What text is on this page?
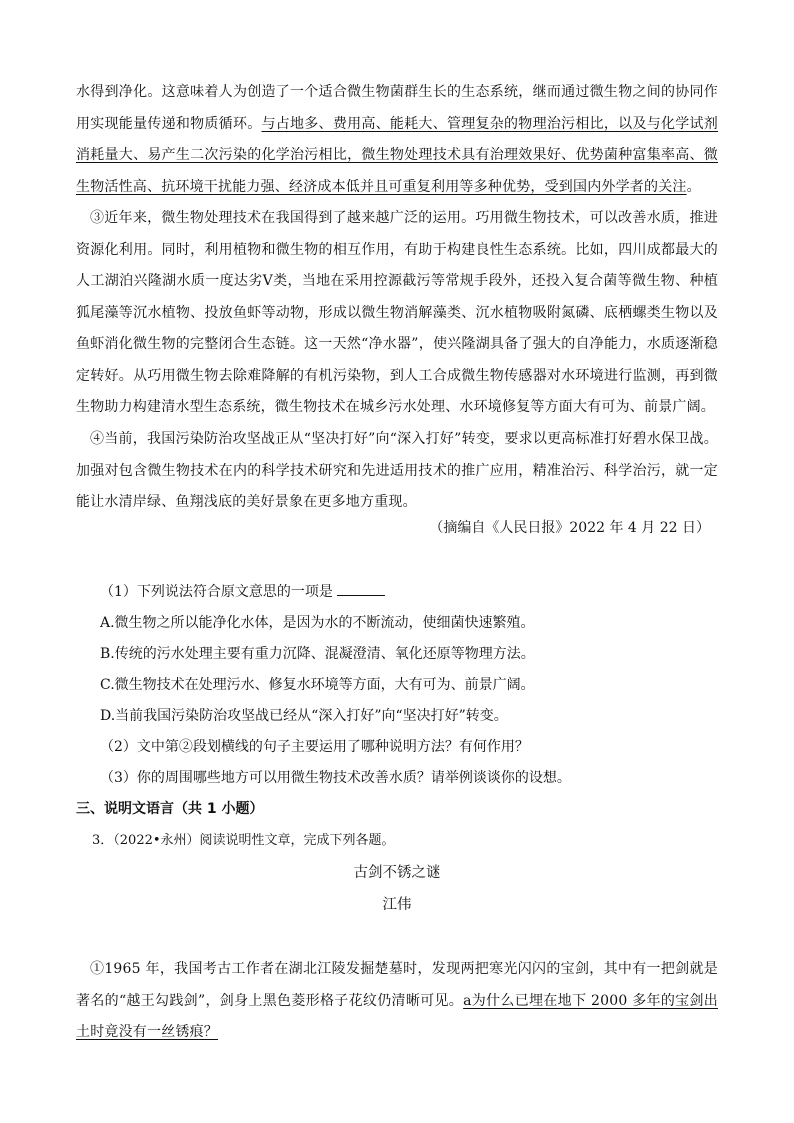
水得到净化。这意味着人为创造了一个适合微生物菌群生长的生态系统，继而通过微生物之间的协同作用实现能量传递和物质循环。与占地多、费用高、能耗大、管理复杂的物理治污相比，以及与化学试剂消耗量大、易产生二次污染的化学治污相比，微生物处理技术具有治理效果好、优势菌种富集率高、微生物活性高、抗环境干扰能力强、经济成本低并且可重复利用等多种优势，受到国内外学者的关注。

③近年来，微生物处理技术在我国得到了越来越广泛的运用。巧用微生物技术，可以改善水质，推进资源化利用。同时，利用植物和微生物的相互作用，有助于构建良性生态系统。比如，四川成都最大的人工湖泊兴隆湖水质一度达劣Ⅴ类，当地在采用控源截污等常规手段外，还投入复合菌等微生物、种植狐尾藻等沉水植物、投放鱼虾等动物，形成以微生物消解藻类、沉水植物吸附氮磷、底栖螺类生物以及鱼虾消化微生物的完整闭合生态链。这一天然“净水器”，使兴隆湖具备了强大的自净能力，水质逐渐稳定转好。从巧用微生物去除难降解的有机污染物，到人工合成微生物传感器对水环境进行监测，再到微生物助力构建清水型生态系统，微生物技术在城乡污水处理、水环境修复等方面大有可为、前景广阔。

④当前，我国污染防治攻坚战正从“坚决打好”向“深入打好”转变，要求以更高标准打好碧水保卫战。加强对包含微生物技术在内的科学技术研究和先进适用技术的推广应用，精准治污、科学治污，就一定能让水清岸绿、鱼翔浅底的美好景象在更多地方重现。

（摘编自《人民日报》2022 年 4 月 22 日）

（1）下列说法符合原文意思的一项是

A.微生物之所以能净化水体，是因为水的不断流动，使细菌快速繁殖。

B.传统的污水处理主要有重力沉降、混凝澄清、氧化还原等物理方法。

C.微生物技术在处理污水、修复水环境等方面，大有可为、前景广阔。

D.当前我国污染防治攻坚战已经从“深入打好”向“坚决打好”转变。

（2）文中第②段划横线的句子主要运用了哪种说明方法？有何作用？

（3）你的周围哪些地方可以用微生物技术改善水质？请举例谈谈你的设想。

三、说明文语言（共 1 小题）

3．（2022•永州）阅读说明性文章，完成下列各题。

古剑不锈之谜

江伟

①1965 年，我国考古工作者在湖北江陵发掘楚墓时，发现两把寒光闪闪的宝剑，其中有一把剑就是著名的“越王勾践剑”，剑身上黑色菱形格子花纹仍清晰可见。a为什么已埋在地下 2000 多年的宝剑出土时竟没有一丝锈痕？
